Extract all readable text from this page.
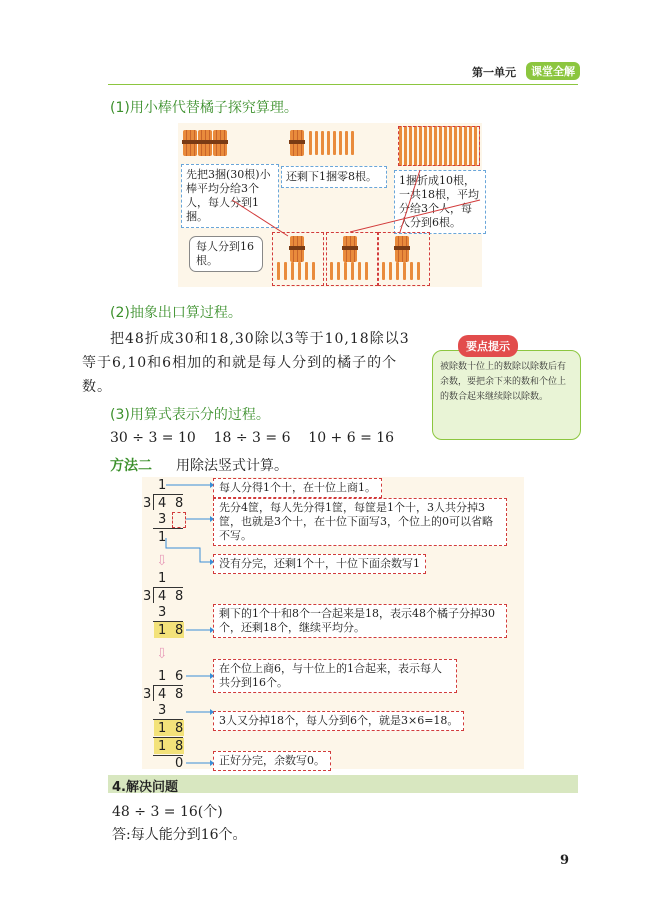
第一单元	课堂全解
(1)用小棒代替橘子探究算理。
先把3捆(30根)小棒平均分给3个人，每人分到1捆。
还剩下1捆零8根。	1捆折成10根，一共18根，平均分给3个人，每人分到6根。
每人分到16根。
(2)抽象出口算过程。
把48折成30和18,30除以3等于10,18除以3等于6,10和6相加的和就是每人分到的橘子的个数。
要点提示
被除数十位上的数除以除数后有余数，要把余下来的数和个位上的数合起来继续除以除数。
(3)用算式表示分的过程。
30 ÷ 3 = 10    18 ÷ 3 = 6    10 + 6 = 16
方法二 用除法竖式计算。
1
3 4 8
3
1
⇩
1
3 4 8
3
1 8
⇩
1 6
3 4 8
3
1 8
1 8
0
每人分得1个十，在十位上商1。
先分4筐，每人先分得1筐，每筐是1个十，3人共分掉3筐，也就是3个十，在十位下面写3，个位上的0可以省略不写。
没有分完，还剩1个十，十位下面余数写1
剩下的1个十和8个一合起来是18，表示48个橘子分掉30个，还剩18个，继续平均分。
在个位上商6，与十位上的1合起来，表示每人共分到16个。
3人又分掉18个，每人分到6个，就是3×6=18。
正好分完，余数写0。
4.解决问题
48 ÷ 3 = 16(个)
答:每人能分到16个。
9
